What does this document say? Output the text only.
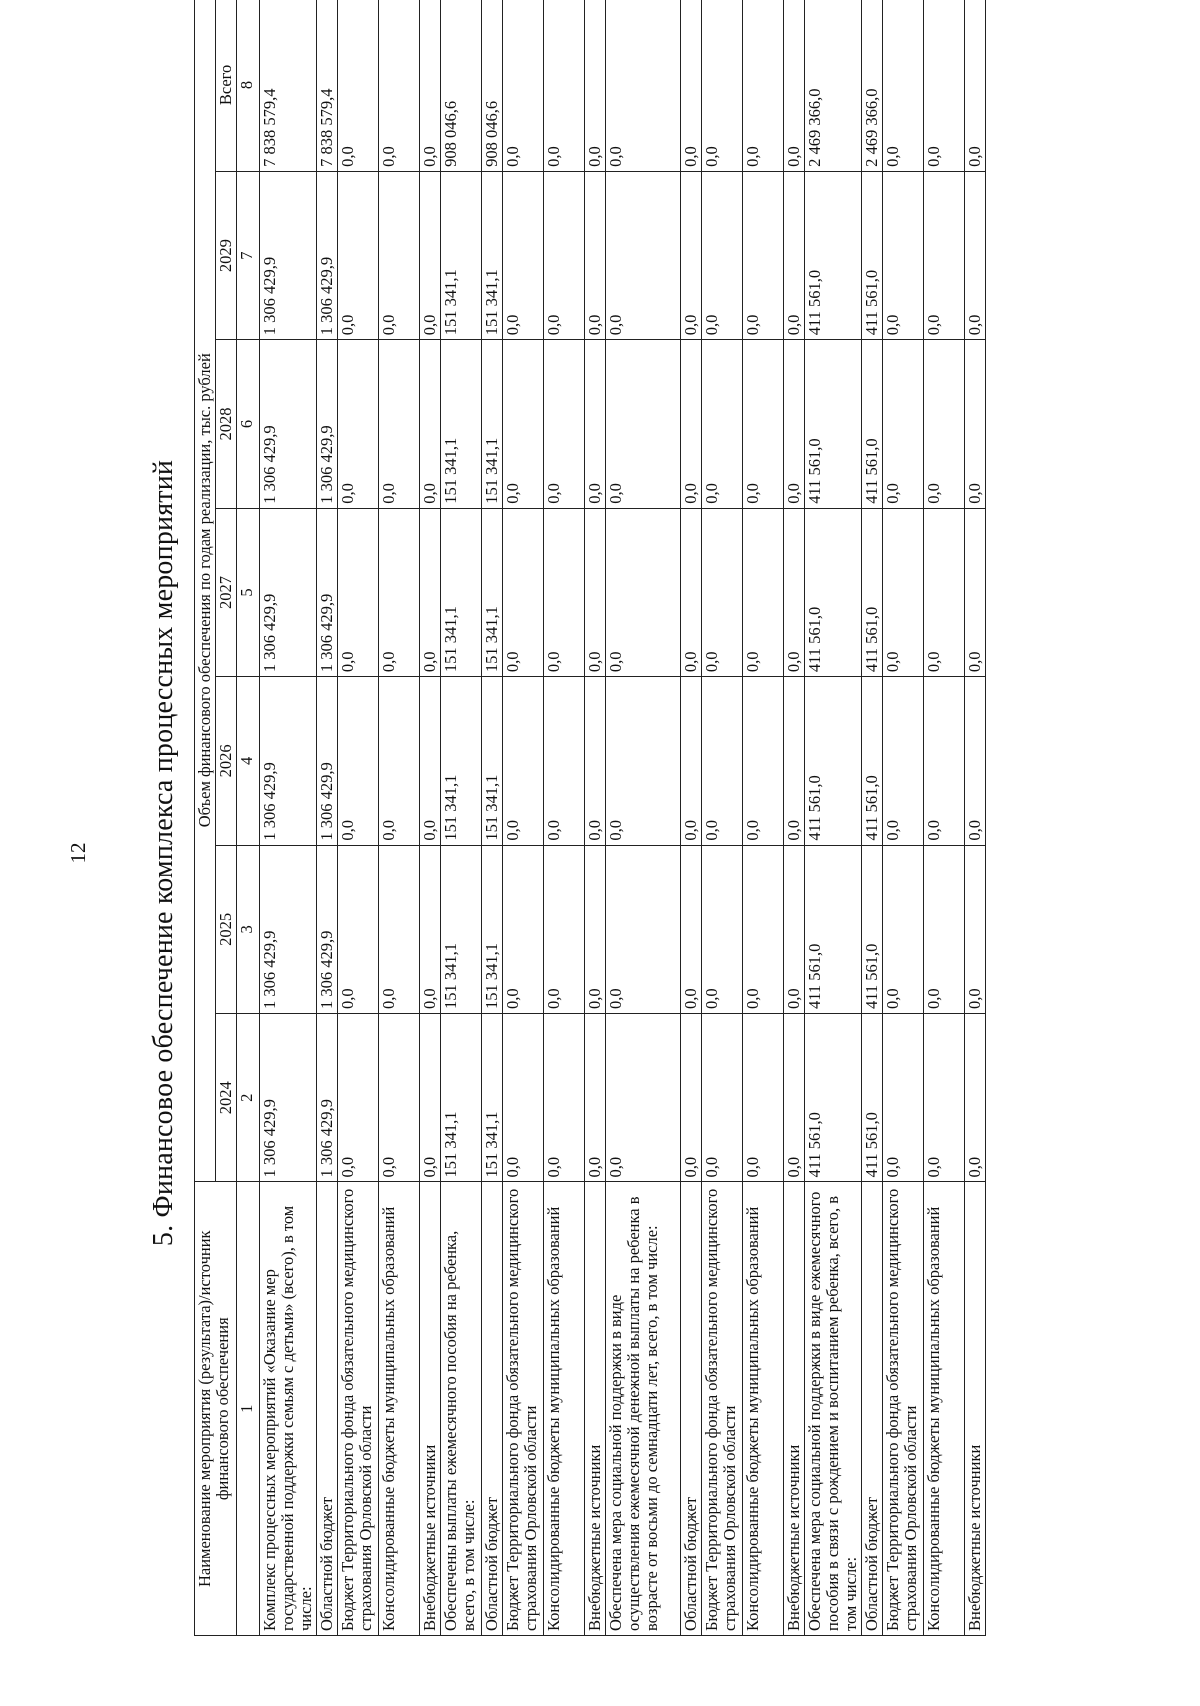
12 5. Финансовое обеспечение комплекса процессных мероприятий
Наименование мероприятия (результата)/источник финансового обеспечения	Объем финансового обеспечения по годам реализации, тыс. рублей						
	2024	2025	2026	2027	2028	2029	Всего
1	2	3	4	5	6	7	8
Комплекс процессных мероприятий «Оказание мер государственной поддержки семьям с детьми» (всего), в том числе:	1 306 429,9	1 306 429,9	1 306 429,9	1 306 429,9	1 306 429,9	1 306 429,9	7 838 579,4
Областной бюджет	1 306 429,9	1 306 429,9	1 306 429,9	1 306 429,9	1 306 429,9	1 306 429,9	7 838 579,4
Бюджет Территориального фонда обязательного медицинского страхования Орловской области	0,0	0,0	0,0	0,0	0,0	0,0	0,0
Консолидированные бюджеты муниципальных образований	0,0	0,0	0,0	0,0	0,0	0,0	0,0
Внебюджетные источники	0,0	0,0	0,0	0,0	0,0	0,0	0,0
Обеспечены выплаты ежемесячного пособия на ребенка, всего, в том числе:	151 341,1	151 341,1	151 341,1	151 341,1	151 341,1	151 341,1	908 046,6
Областной бюджет	151 341,1	151 341,1	151 341,1	151 341,1	151 341,1	151 341,1	908 046,6
Бюджет Территориального фонда обязательного медицинского страхования Орловской области	0,0	0,0	0,0	0,0	0,0	0,0	0,0
Консолидированные бюджеты муниципальных образований	0,0	0,0	0,0	0,0	0,0	0,0	0,0
Внебюджетные источники	0,0	0,0	0,0	0,0	0,0	0,0	0,0
Обеспечена мера социальной поддержки в виде осуществления ежемесячной денежной выплаты на ребенка в возрасте от восьми до семнадцати лет, всего, в том числе:	0,0	0,0	0,0	0,0	0,0	0,0	0,0
Областной бюджет	0,0	0,0	0,0	0,0	0,0	0,0	0,0
Бюджет Территориального фонда обязательного медицинского страхования Орловской области	0,0	0,0	0,0	0,0	0,0	0,0	0,0
Консолидированные бюджеты муниципальных образований	0,0	0,0	0,0	0,0	0,0	0,0	0,0
Внебюджетные источники	0,0	0,0	0,0	0,0	0,0	0,0	0,0
Обеспечена мера социальной поддержки в виде ежемесячного пособия в связи с рождением и воспитанием ребенка, всего, в том числе:	411 561,0	411 561,0	411 561,0	411 561,0	411 561,0	411 561,0	2 469 366,0
Областной бюджет	411 561,0	411 561,0	411 561,0	411 561,0	411 561,0	411 561,0	2 469 366,0
Бюджет Территориального фонда обязательного медицинского страхования Орловской области	0,0	0,0	0,0	0,0	0,0	0,0	0,0
Консолидированные бюджеты муниципальных образований	0,0	0,0	0,0	0,0	0,0	0,0	0,0
Внебюджетные источники	0,0	0,0	0,0	0,0	0,0	0,0	0,0
